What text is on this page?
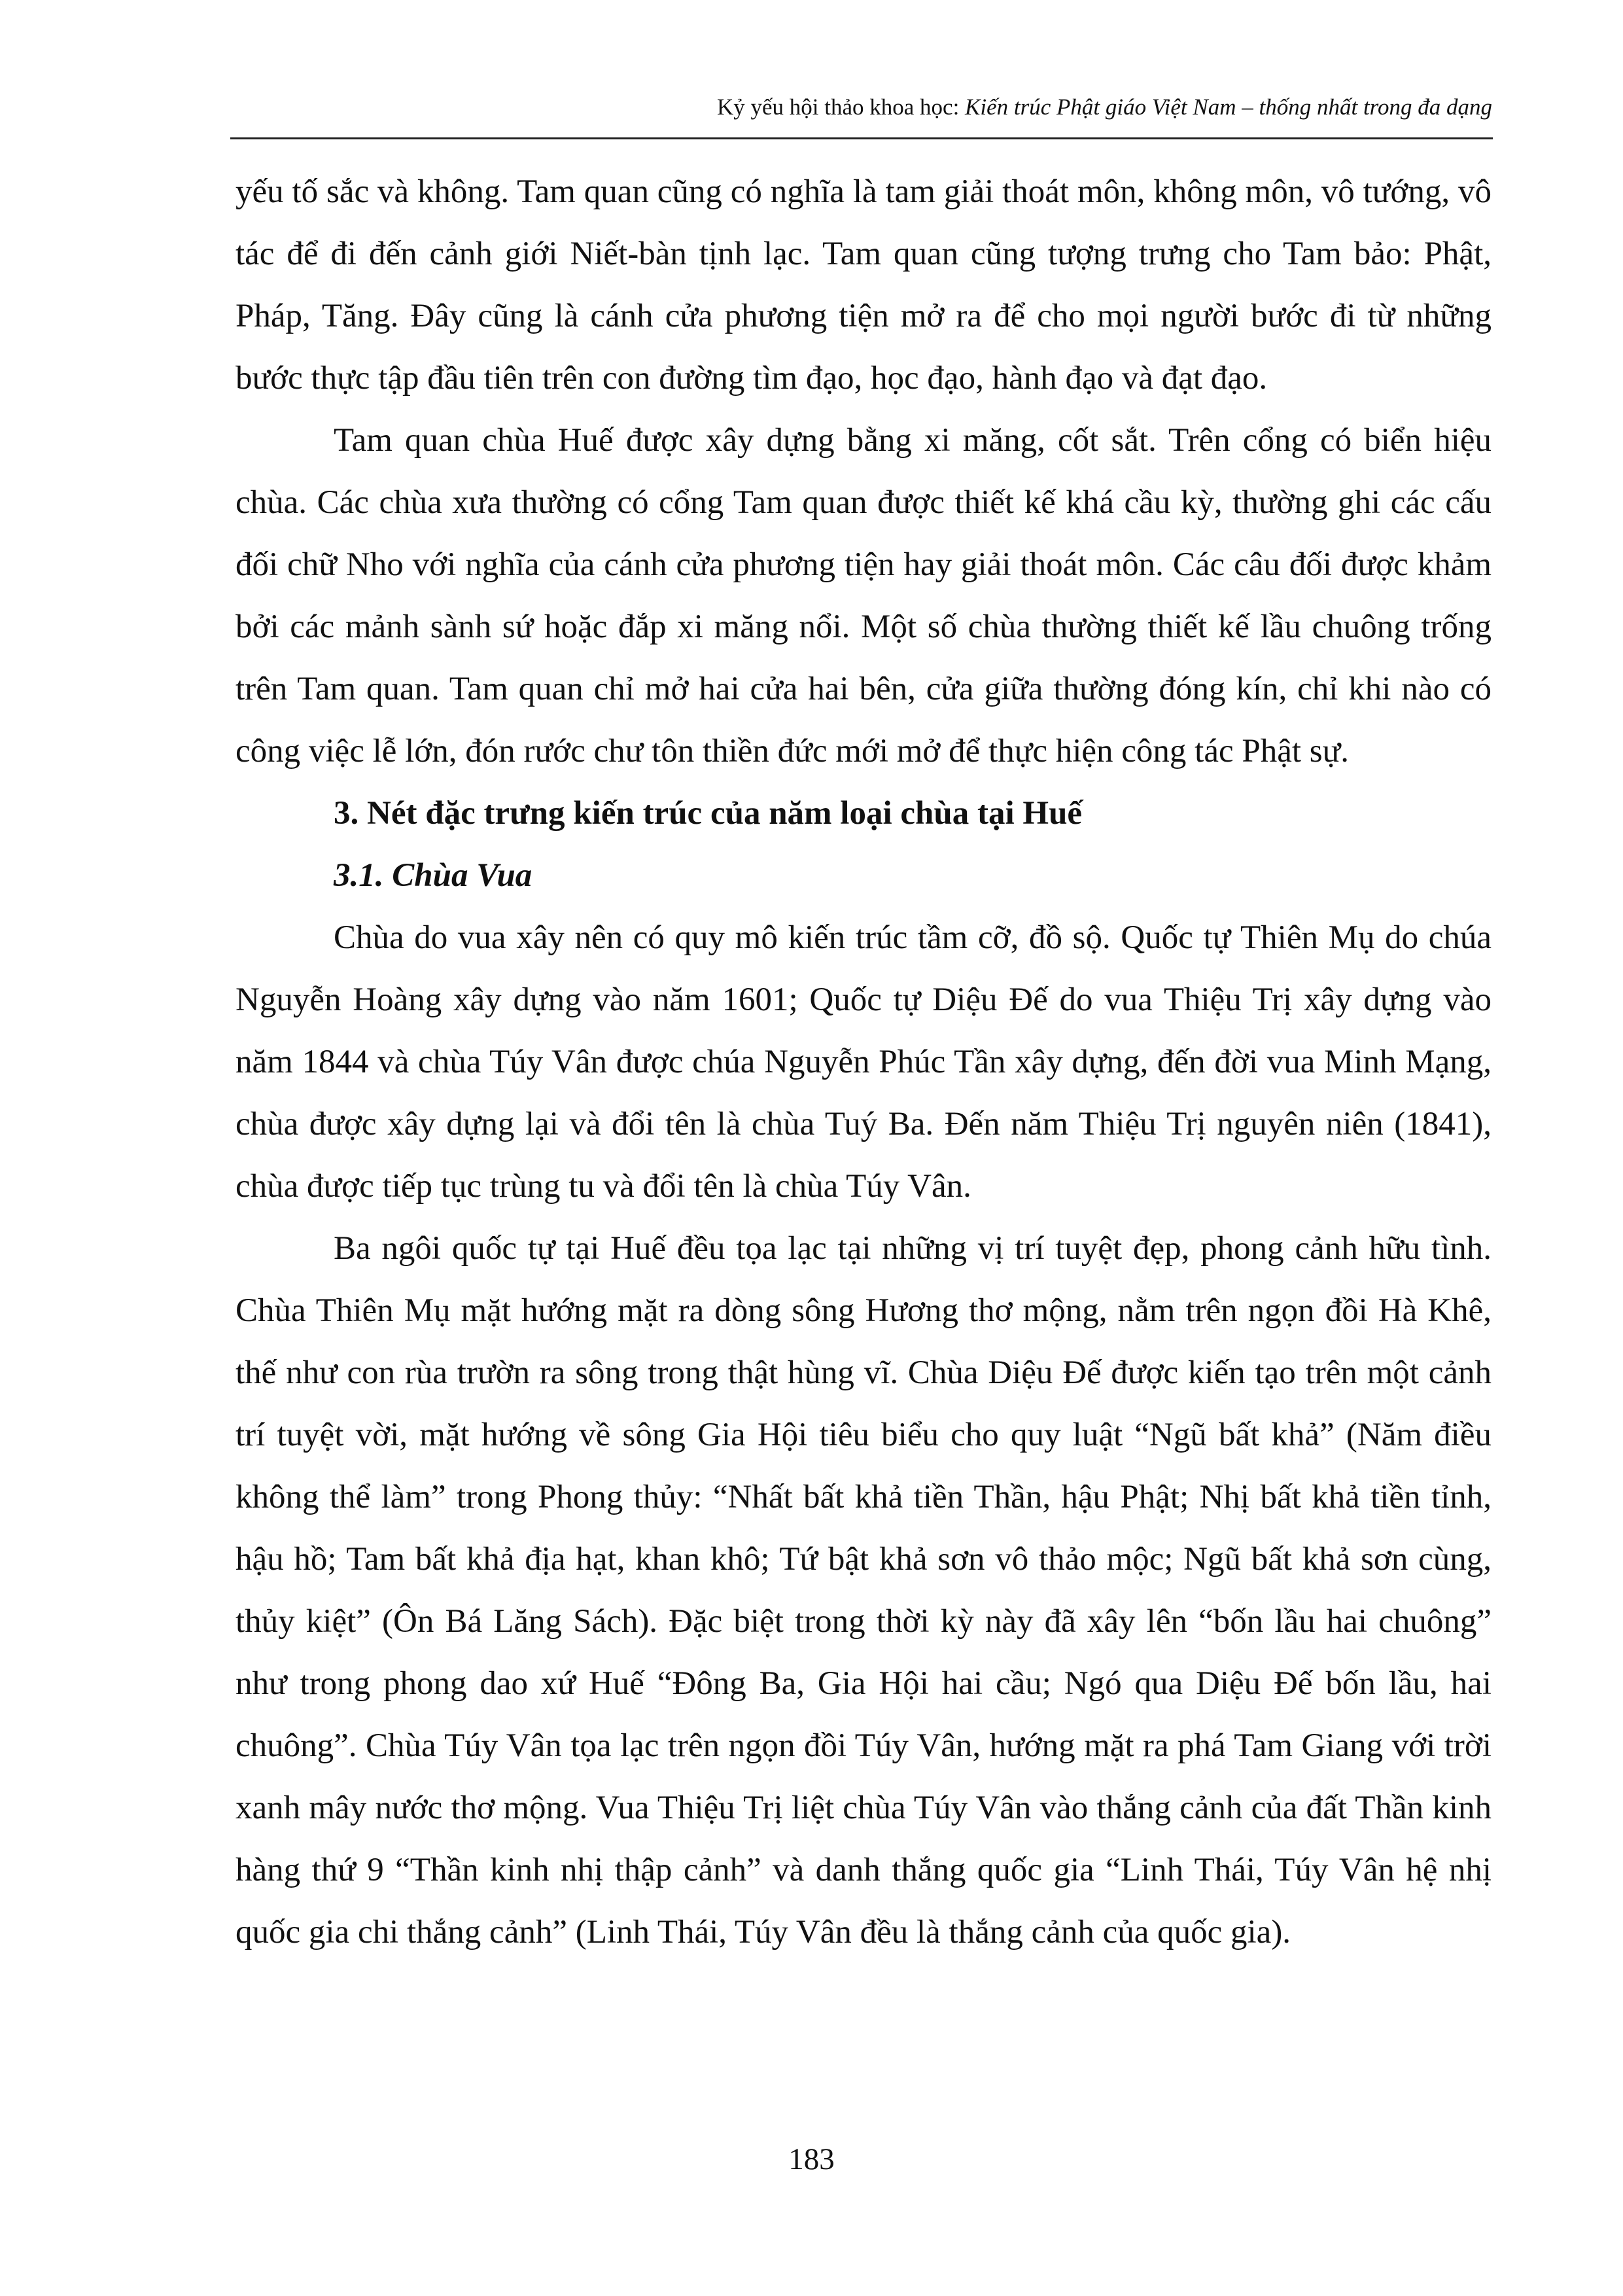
Kỷ yếu hội thảo khoa học: Kiến trúc Phật giáo Việt Nam – thống nhất trong đa dạng

yếu tố sắc và không. Tam quan cũng có nghĩa là tam giải thoát môn, không môn, vô tướng, vô tác để đi đến cảnh giới Niết-bàn tịnh lạc. Tam quan cũng tượng trưng cho Tam bảo: Phật, Pháp, Tăng. Đây cũng là cánh cửa phương tiện mở ra để cho mọi người bước đi từ những bước thực tập đầu tiên trên con đường tìm đạo, học đạo, hành đạo và đạt đạo.

Tam quan chùa Huế được xây dựng bằng xi măng, cốt sắt. Trên cổng có biển hiệu chùa. Các chùa xưa thường có cổng Tam quan được thiết kế khá cầu kỳ, thường ghi các cấu đối chữ Nho với nghĩa của cánh cửa phương tiện hay giải thoát môn. Các câu đối được khảm bởi các mảnh sành sứ hoặc đắp xi măng nổi. Một số chùa thường thiết kế lầu chuông trống trên Tam quan. Tam quan chỉ mở hai cửa hai bên, cửa giữa thường đóng kín, chỉ khi nào có công việc lễ lớn, đón rước chư tôn thiền đức mới mở để thực hiện công tác Phật sự.

3. Nét đặc trưng kiến trúc của năm loại chùa tại Huế

3.1. Chùa Vua

Chùa do vua xây nên có quy mô kiến trúc tầm cỡ, đồ sộ. Quốc tự Thiên Mụ do chúa Nguyễn Hoàng xây dựng vào năm 1601; Quốc tự Diệu Đế do vua Thiệu Trị xây dựng vào năm 1844 và chùa Túy Vân được chúa Nguyễn Phúc Tần xây dựng, đến đời vua Minh Mạng, chùa được xây dựng lại và đổi tên là chùa Tuý Ba. Đến năm Thiệu Trị nguyên niên (1841), chùa được tiếp tục trùng tu và đổi tên là chùa Túy Vân.

Ba ngôi quốc tự tại Huế đều tọa lạc tại những vị trí tuyệt đẹp, phong cảnh hữu tình. Chùa Thiên Mụ mặt hướng mặt ra dòng sông Hương thơ mộng, nằm trên ngọn đồi Hà Khê, thế như con rùa trườn ra sông trong thật hùng vĩ. Chùa Diệu Đế được kiến tạo trên một cảnh trí tuyệt vời, mặt hướng về sông Gia Hội tiêu biểu cho quy luật “Ngũ bất khả” (Năm điều không thể làm” trong Phong thủy: “Nhất bất khả tiền Thần, hậu Phật; Nhị bất khả tiền tỉnh, hậu hồ; Tam bất khả địa hạt, khan khô; Tứ bật khả sơn vô thảo mộc; Ngũ bất khả sơn cùng, thủy kiệt” (Ôn Bá Lăng Sách). Đặc biệt trong thời kỳ này đã xây lên “bốn lầu hai chuông” như trong phong dao xứ Huế “Đông Ba, Gia Hội hai cầu; Ngó qua Diệu Đế bốn lầu, hai chuông”. Chùa Túy Vân tọa lạc trên ngọn đồi Túy Vân, hướng mặt ra phá Tam Giang với trời xanh mây nước thơ mộng. Vua Thiệu Trị liệt chùa Túy Vân vào thắng cảnh của đất Thần kinh hàng thứ 9 “Thần kinh nhị thập cảnh” và danh thắng quốc gia “Linh Thái, Túy Vân hệ nhị quốc gia chi thắng cảnh” (Linh Thái, Túy Vân đều là thắng cảnh của quốc gia).

183
